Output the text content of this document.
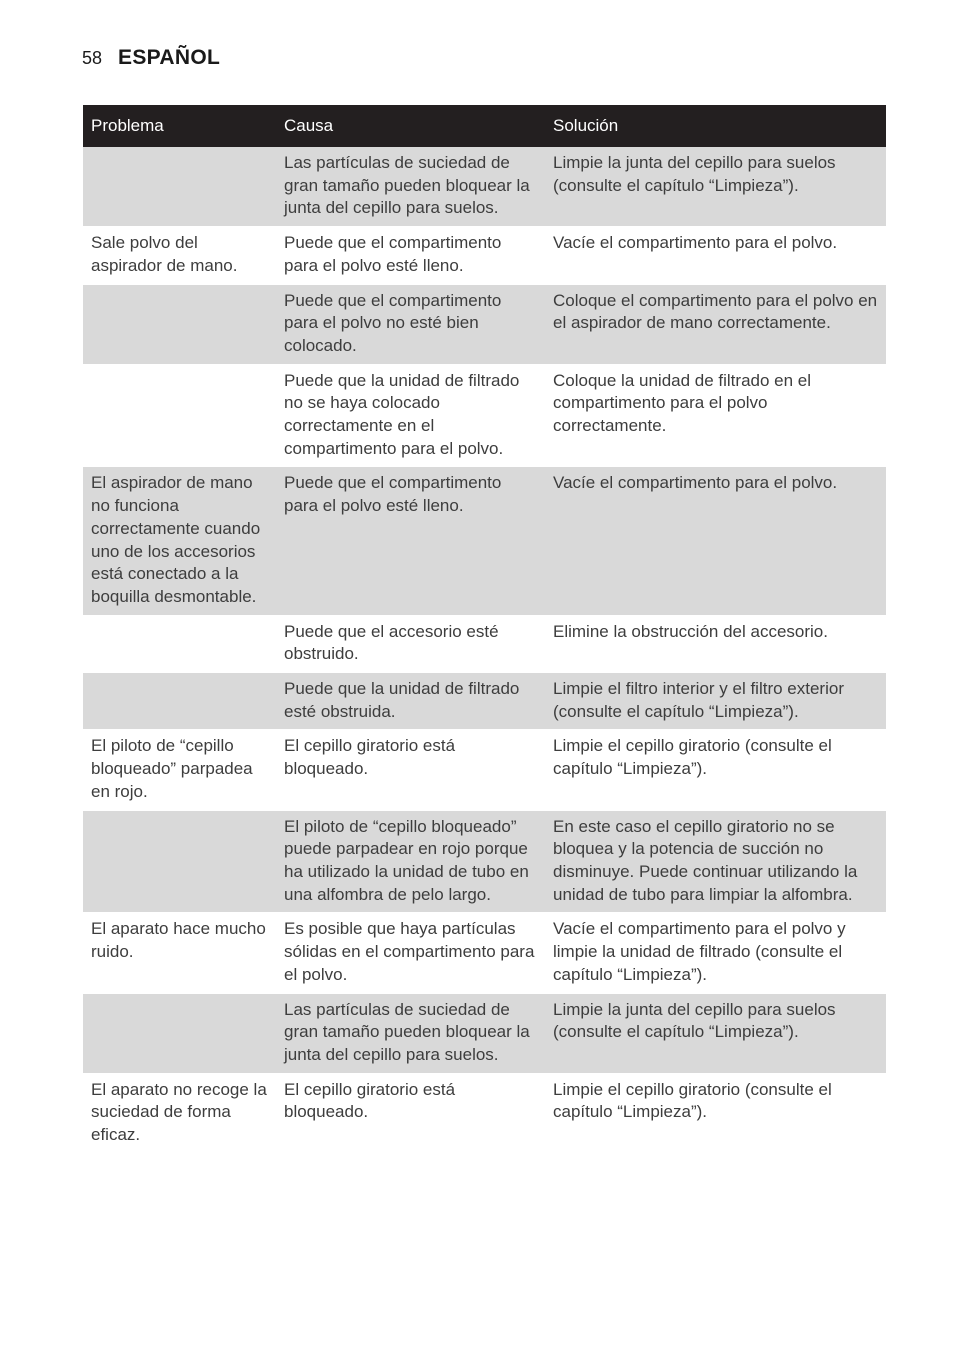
58 ESPAÑOL
Problema	Causa	Solución
	Las partículas de suciedad de gran tamaño pueden bloquear la junta del cepillo para suelos.	Limpie la junta del cepillo para suelos (consulte el capítulo “Limpieza”).
Sale polvo del aspirador de mano.	Puede que el compartimento para el polvo esté lleno.	Vacíe el compartimento para el polvo.
	Puede que el compartimento para el polvo no esté bien colocado.	Coloque el compartimento para el polvo en el aspirador de mano correctamente.
	Puede que la unidad de filtrado no se haya colocado correctamente en el compartimento para el polvo.	Coloque la unidad de filtrado en el compartimento para el polvo correctamente.
El aspirador de mano no funciona correctamente cuando uno de los accesorios está conectado a la boquilla desmontable.	Puede que el compartimento para el polvo esté lleno.	Vacíe el compartimento para el polvo.
	Puede que el accesorio esté obstruido.	Elimine la obstrucción del accesorio.
	Puede que la unidad de filtrado esté obstruida.	Limpie el filtro interior y el filtro exterior (consulte el capítulo “Limpieza”).
El piloto de “cepillo bloqueado” parpadea en rojo.	El cepillo giratorio está bloqueado.	Limpie el cepillo giratorio (consulte el capítulo “Limpieza”).
	El piloto de “cepillo bloqueado” puede parpadear en rojo porque ha utilizado la unidad de tubo en una alfombra de pelo largo.	En este caso el cepillo giratorio no se bloquea y la potencia de succión no disminuye. Puede continuar utilizando la unidad de tubo para limpiar la alfombra.
El aparato hace mucho ruido.	Es posible que haya partículas sólidas en el compartimento para el polvo.	Vacíe el compartimento para el polvo y limpie la unidad de filtrado (consulte el capítulo “Limpieza”).
	Las partículas de suciedad de gran tamaño pueden bloquear la junta del cepillo para suelos.	Limpie la junta del cepillo para suelos (consulte el capítulo “Limpieza”).
El aparato no recoge la suciedad de forma eficaz.	El cepillo giratorio está bloqueado.	Limpie el cepillo giratorio (consulte el capítulo “Limpieza”).
